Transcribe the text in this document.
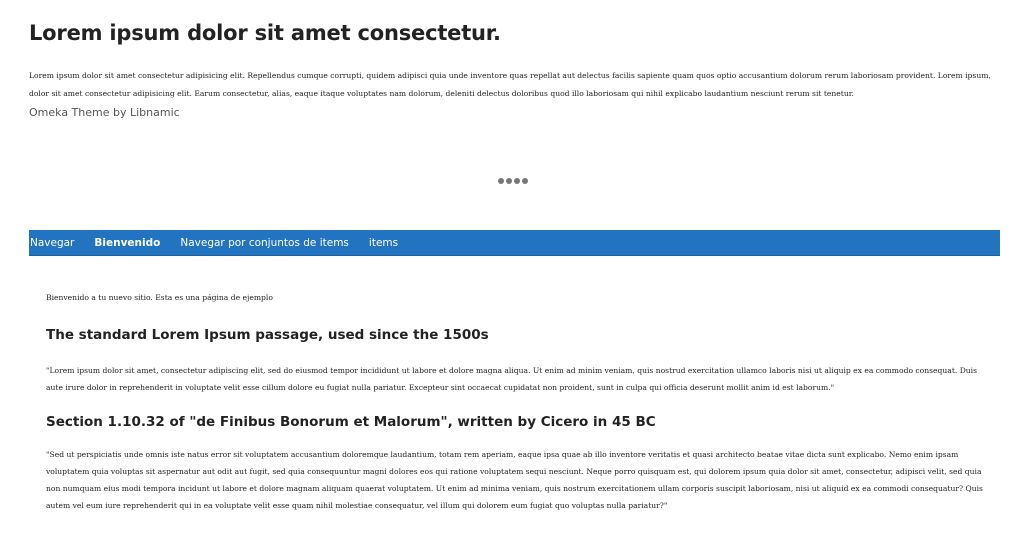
Lorem ipsum dolor sit amet consectetur.

Lorem ipsum dolor sit amet consectetur adipisicing elit. Repellendus cumque corrupti, quidem adipisci quia unde inventore quas repellat aut delectus facilis sapiente quam quos optio accusantium dolorum rerum laboriosam provident. Lorem ipsum, dolor sit amet consectetur adipisicing elit. Earum consectetur, alias, eaque itaque voluptates nam dolorum, deleniti delectus doloribus quod illo laboriosam qui nihil explicabo laudantium nesciunt rerum sit tenetur.

Omeka Theme by Libnamic

Navegar Bienvenido Navegar por conjuntos de items items

Bienvenido a tu nuevo sitio. Esta es una página de ejemplo

The standard Lorem Ipsum passage, used since the 1500s

"Lorem ipsum dolor sit amet, consectetur adipiscing elit, sed do eiusmod tempor incididunt ut labore et dolore magna aliqua. Ut enim ad minim veniam, quis nostrud exercitation ullamco laboris nisi ut aliquip ex ea commodo consequat. Duis aute irure dolor in reprehenderit in voluptate velit esse cillum dolore eu fugiat nulla pariatur. Excepteur sint occaecat cupidatat non proident, sunt in culpa qui officia deserunt mollit anim id est laborum."

Section 1.10.32 of "de Finibus Bonorum et Malorum", written by Cicero in 45 BC

"Sed ut perspiciatis unde omnis iste natus error sit voluptatem accusantium doloremque laudantium, totam rem aperiam, eaque ipsa quae ab illo inventore veritatis et quasi architecto beatae vitae dicta sunt explicabo. Nemo enim ipsam voluptatem quia voluptas sit aspernatur aut odit aut fugit, sed quia consequuntur magni dolores eos qui ratione voluptatem sequi nesciunt. Neque porro quisquam est, qui dolorem ipsum quia dolor sit amet, consectetur, adipisci velit, sed quia non numquam eius modi tempora incidunt ut labore et dolore magnam aliquam quaerat voluptatem. Ut enim ad minima veniam, quis nostrum exercitationem ullam corporis suscipit laboriosam, nisi ut aliquid ex ea commodi consequatur? Quis autem vel eum iure reprehenderit qui in ea voluptate velit esse quam nihil molestiae consequatur, vel illum qui dolorem eum fugiat quo voluptas nulla pariatur?"
